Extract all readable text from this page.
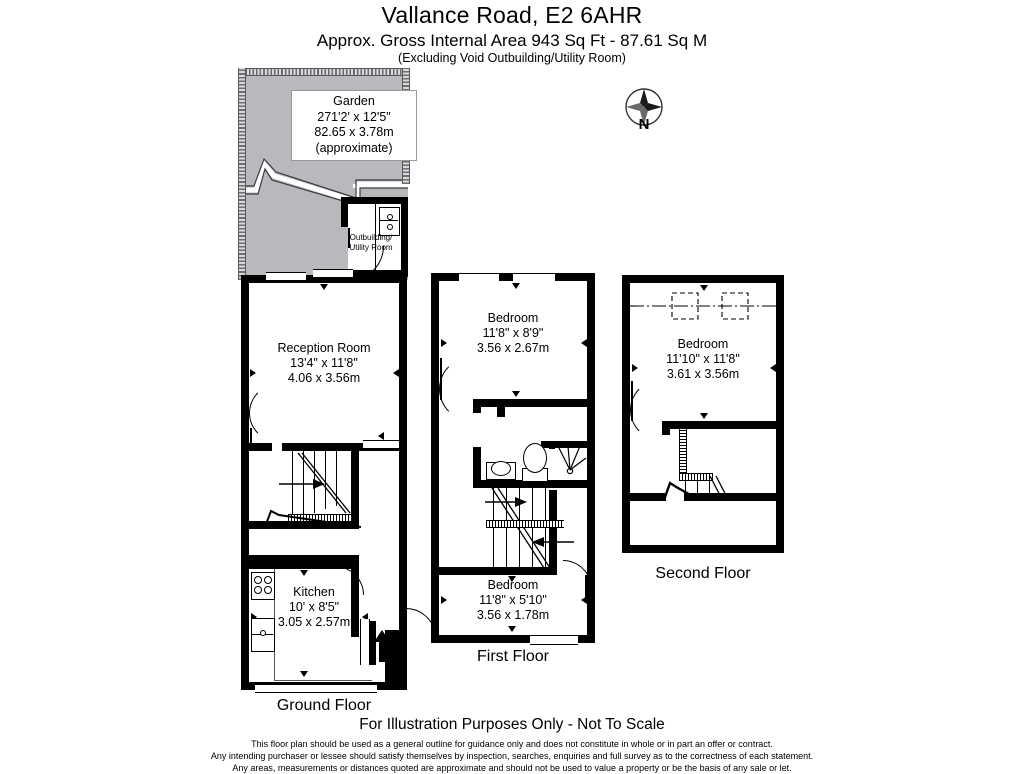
Vallance Road, E2 6AHR
Approx. Gross Internal Area 943 Sq Ft - 87.61 Sq M
(Excluding Void Outbuilding/Utility Room)
N
Garden
271'2' x 12'5"
82.65 x 3.78m
(approximate)
Outbuilding/
Utility Room
Reception Room
13'4" x 11'8"
4.06 x 3.56m
Kitchen
10' x 8'5"
3.05 x 2.57m
Ground Floor
Bedroom
11'8" x 8'9"
3.56 x 2.67m
Bedroom
11'8" x 5'10"
3.56 x 1.78m
First Floor
Bedroom
11'10" x 11'8"
3.61 x 3.56m
Second Floor
For Illustration Purposes Only - Not To Scale
This floor plan should be used as a general outline for guidance only and does not constitute in whole or in part an offer or contract.
Any intending purchaser or lessee should satisfy themselves by inspection, searches, enquiries and full survey as to the correctness of each statement.
Any areas, measurements or distances quoted are approximate and should not be used to value a property or be the basis of any sale or let.
